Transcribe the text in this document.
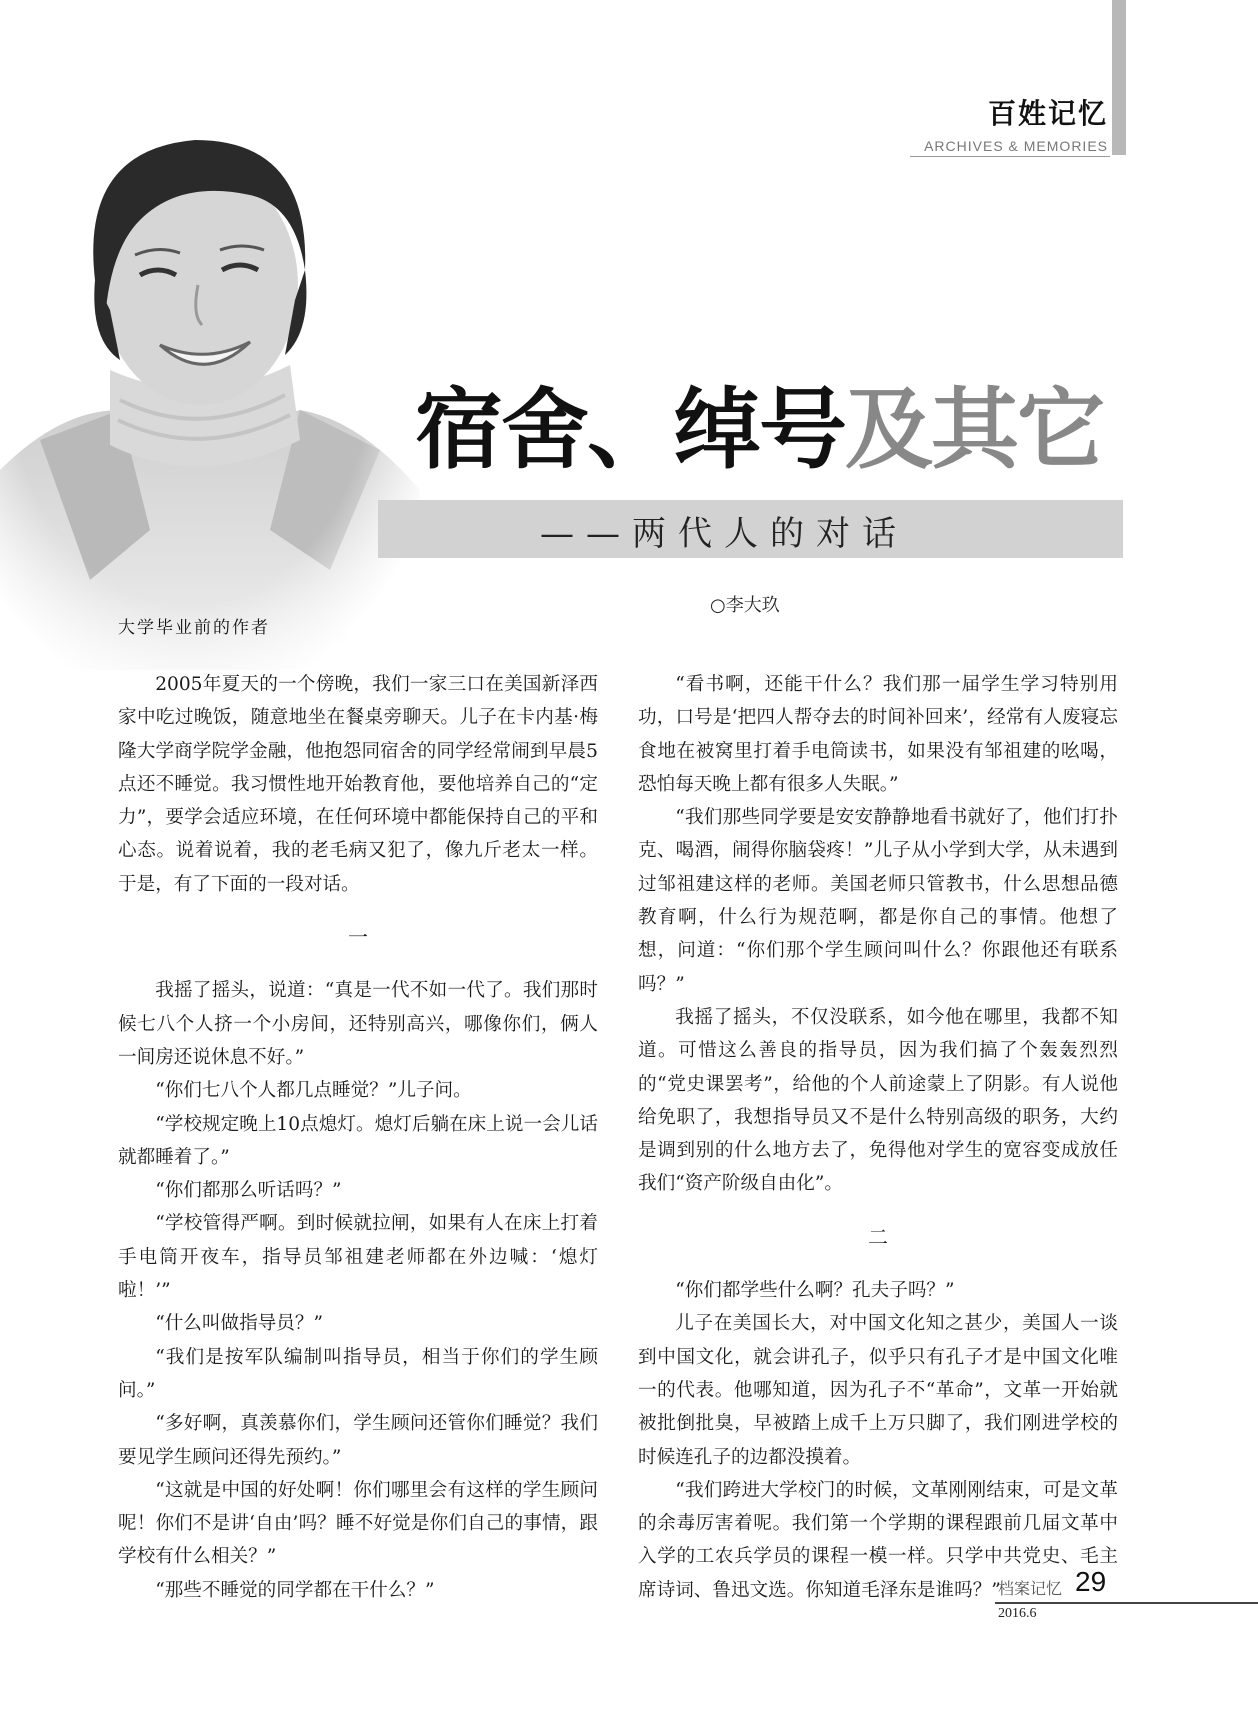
百姓记忆
ARCHIVES & MEMORIES
大学毕业前的作者
宿舍、绰号及其它
——两代人的对话
○李大玖

2005年夏天的一个傍晚，我们一家三口在美国新泽西家中吃过晚饭，随意地坐在餐桌旁聊天。儿子在卡内基·梅隆大学商学院学金融，他抱怨同宿舍的同学经常闹到早晨5点还不睡觉。我习惯性地开始教育他，要他培养自己的“定力”，要学会适应环境，在任何环境中都能保持自己的平和心态。说着说着，我的老毛病又犯了，像九斤老太一样。于是，有了下面的一段对话。

一

我摇了摇头，说道：“真是一代不如一代了。我们那时候七八个人挤一个小房间，还特别高兴，哪像你们，俩人一间房还说休息不好。”

“你们七八个人都几点睡觉？”儿子问。

“学校规定晚上10点熄灯。熄灯后躺在床上说一会儿话就都睡着了。”

“你们都那么听话吗？”

“学校管得严啊。到时候就拉闸，如果有人在床上打着手电筒开夜车，指导员邹祖建老师都在外边喊：‘熄灯啦！’”

“什么叫做指导员？”

“我们是按军队编制叫指导员，相当于你们的学生顾问。”

“多好啊，真羡慕你们，学生顾问还管你们睡觉？我们要见学生顾问还得先预约。”

“这就是中国的好处啊！你们哪里会有这样的学生顾问呢！你们不是讲‘自由’吗？睡不好觉是你们自己的事情，跟学校有什么相关？”

“那些不睡觉的同学都在干什么？”

“看书啊，还能干什么？我们那一届学生学习特别用功，口号是‘把四人帮夺去的时间补回来’，经常有人废寝忘食地在被窝里打着手电筒读书，如果没有邹祖建的吆喝，恐怕每天晚上都有很多人失眠。”

“我们那些同学要是安安静静地看书就好了，他们打扑克、喝酒，闹得你脑袋疼！”儿子从小学到大学，从未遇到过邹祖建这样的老师。美国老师只管教书，什么思想品德教育啊，什么行为规范啊，都是你自己的事情。他想了想，问道：“你们那个学生顾问叫什么？你跟他还有联系吗？”

我摇了摇头，不仅没联系，如今他在哪里，我都不知道。可惜这么善良的指导员，因为我们搞了个轰轰烈烈的“党史课罢考”，给他的个人前途蒙上了阴影。有人说他给免职了，我想指导员又不是什么特别高级的职务，大约是调到别的什么地方去了，免得他对学生的宽容变成放任我们“资产阶级自由化”。

二

“你们都学些什么啊？孔夫子吗？”

儿子在美国长大，对中国文化知之甚少，美国人一谈到中国文化，就会讲孔子，似乎只有孔子才是中国文化唯一的代表。他哪知道，因为孔子不“革命”，文革一开始就被批倒批臭，早被踏上成千上万只脚了，我们刚进学校的时候连孔子的边都没摸着。

“我们跨进大学校门的时候，文革刚刚结束，可是文革的余毒厉害着呢。我们第一个学期的课程跟前几届文革中入学的工农兵学员的课程一模一样。只学中共党史、毛主席诗词、鲁迅文选。你知道毛泽东是谁吗？”

档案记忆 29
2016.6
